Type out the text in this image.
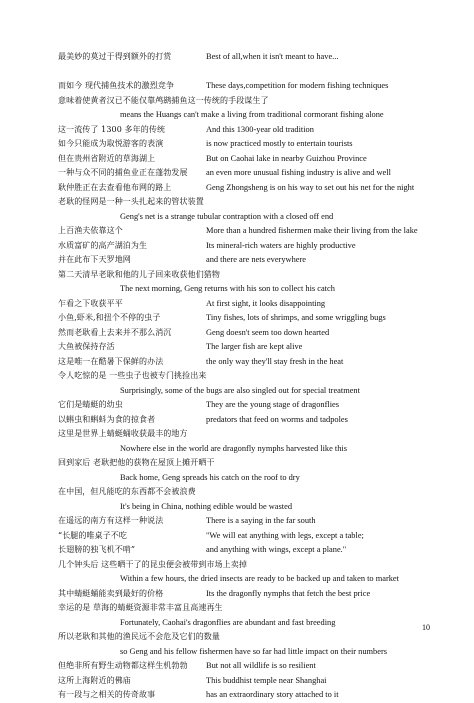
最美妙的莫过于得到额外的打赏	Best of all,when it isn't meant to have...
而如今 现代捕鱼技术的激烈竞争	These days,competition for modern fishing techniques
意味着使黄者汉已不能仅靠鸬鹚捕鱼这一传统的手段谋生了
means the Huangs can't make a living from traditional cormorant fishing alone
这一流传了 1300 多年的传统	And this 1300-year old tradition
如今只能成为取悦游客的表演	is now practiced mostly to entertain tourists
但在贵州省附近的草海湖上	But on Caohai lake in nearby Guizhou Province
一种与众不同的捕鱼业正在蓬勃发展 an even more unusual fishing industry is alive and well
耿仲胜正在去查看他布网的路上	Geng Zhongsheng is on his way to set out his net for the night
老耿的怪网是一种一头扎起来的管状装置
Geng's net is a strange tubular contraption with a closed off end
上百渔夫依靠这个	More than a hundred fishermen make their living from the lake
水质富矿的高产湖泊为生	Its mineral-rich waters are highly productive
并在此布下天罗地网	and there are nets everywhere
第二天清早老耿和他的儿子回来收获他们猎物
The next morning, Geng returns with his son to collect his catch
乍看之下收获平平	At first sight, it looks disappointing
小鱼,虾米,和扭个不停的虫子	Tiny fishes, lots of shrimps, and some wriggling bugs
然而老耿看上去来并不那么消沉	Geng doesn't seem too down hearted
大鱼被保持存活	The larger fish are kept alive
这是唯一在酷暑下保鲜的办法	the only way they'll stay fresh in the heat
令人吃惊的是 一些虫子也被专门挑捡出来
Surprisingly, some of the bugs are also singled out for special treatment
它们是蜻蜓的幼虫	They are the young stage of dragonflies
以蝌虫和蝌蚪为食的掠食者	predators that feed on worms and tadpoles
这里是世界上蜻蜓蛹收获最丰的地方
Nowhere else in the world are dragonfly nymphs harvested like this
回到家后 老耿把他的获物在屋顶上摊开晒干
Back home, Geng spreads his catch on the roof to dry
在中国，但凡能吃的东西都不会被浪费
It's being in China, nothing edible would be wasted
在遥远的南方有这样一种说法	There is a saying in the far south
“长腿的唯桌子不吃	"We will eat anything with legs, except a table;
长翅膀的独飞机不啃”	and anything with wings, except a plane."
几个钟头后 这些晒干了的昆虫便会被带到市场上卖掉
Within a few hours, the dried insects are ready to be backed up and taken to market
其中蜻蜓蛹能卖到最好的价格	Its the dragonfly nymphs that fetch the best price
幸运的是 草海的蜻蜓资源非常丰富且高速再生
Fortunately, Caohai's dragonflies are abundant and fast breeding
所以老耿和其他的渔民远不会危及它们的数量
so Geng and his fellow fishermen have so far had little impact on their numbers
但绝非所有野生动物都这样生机勃勃 But not all wildlife is so resilient
这所上海附近的佛庙	This buddhist temple near Shanghai
有一段与之相关的传奇故事	has an extraordinary story attached to it
10
